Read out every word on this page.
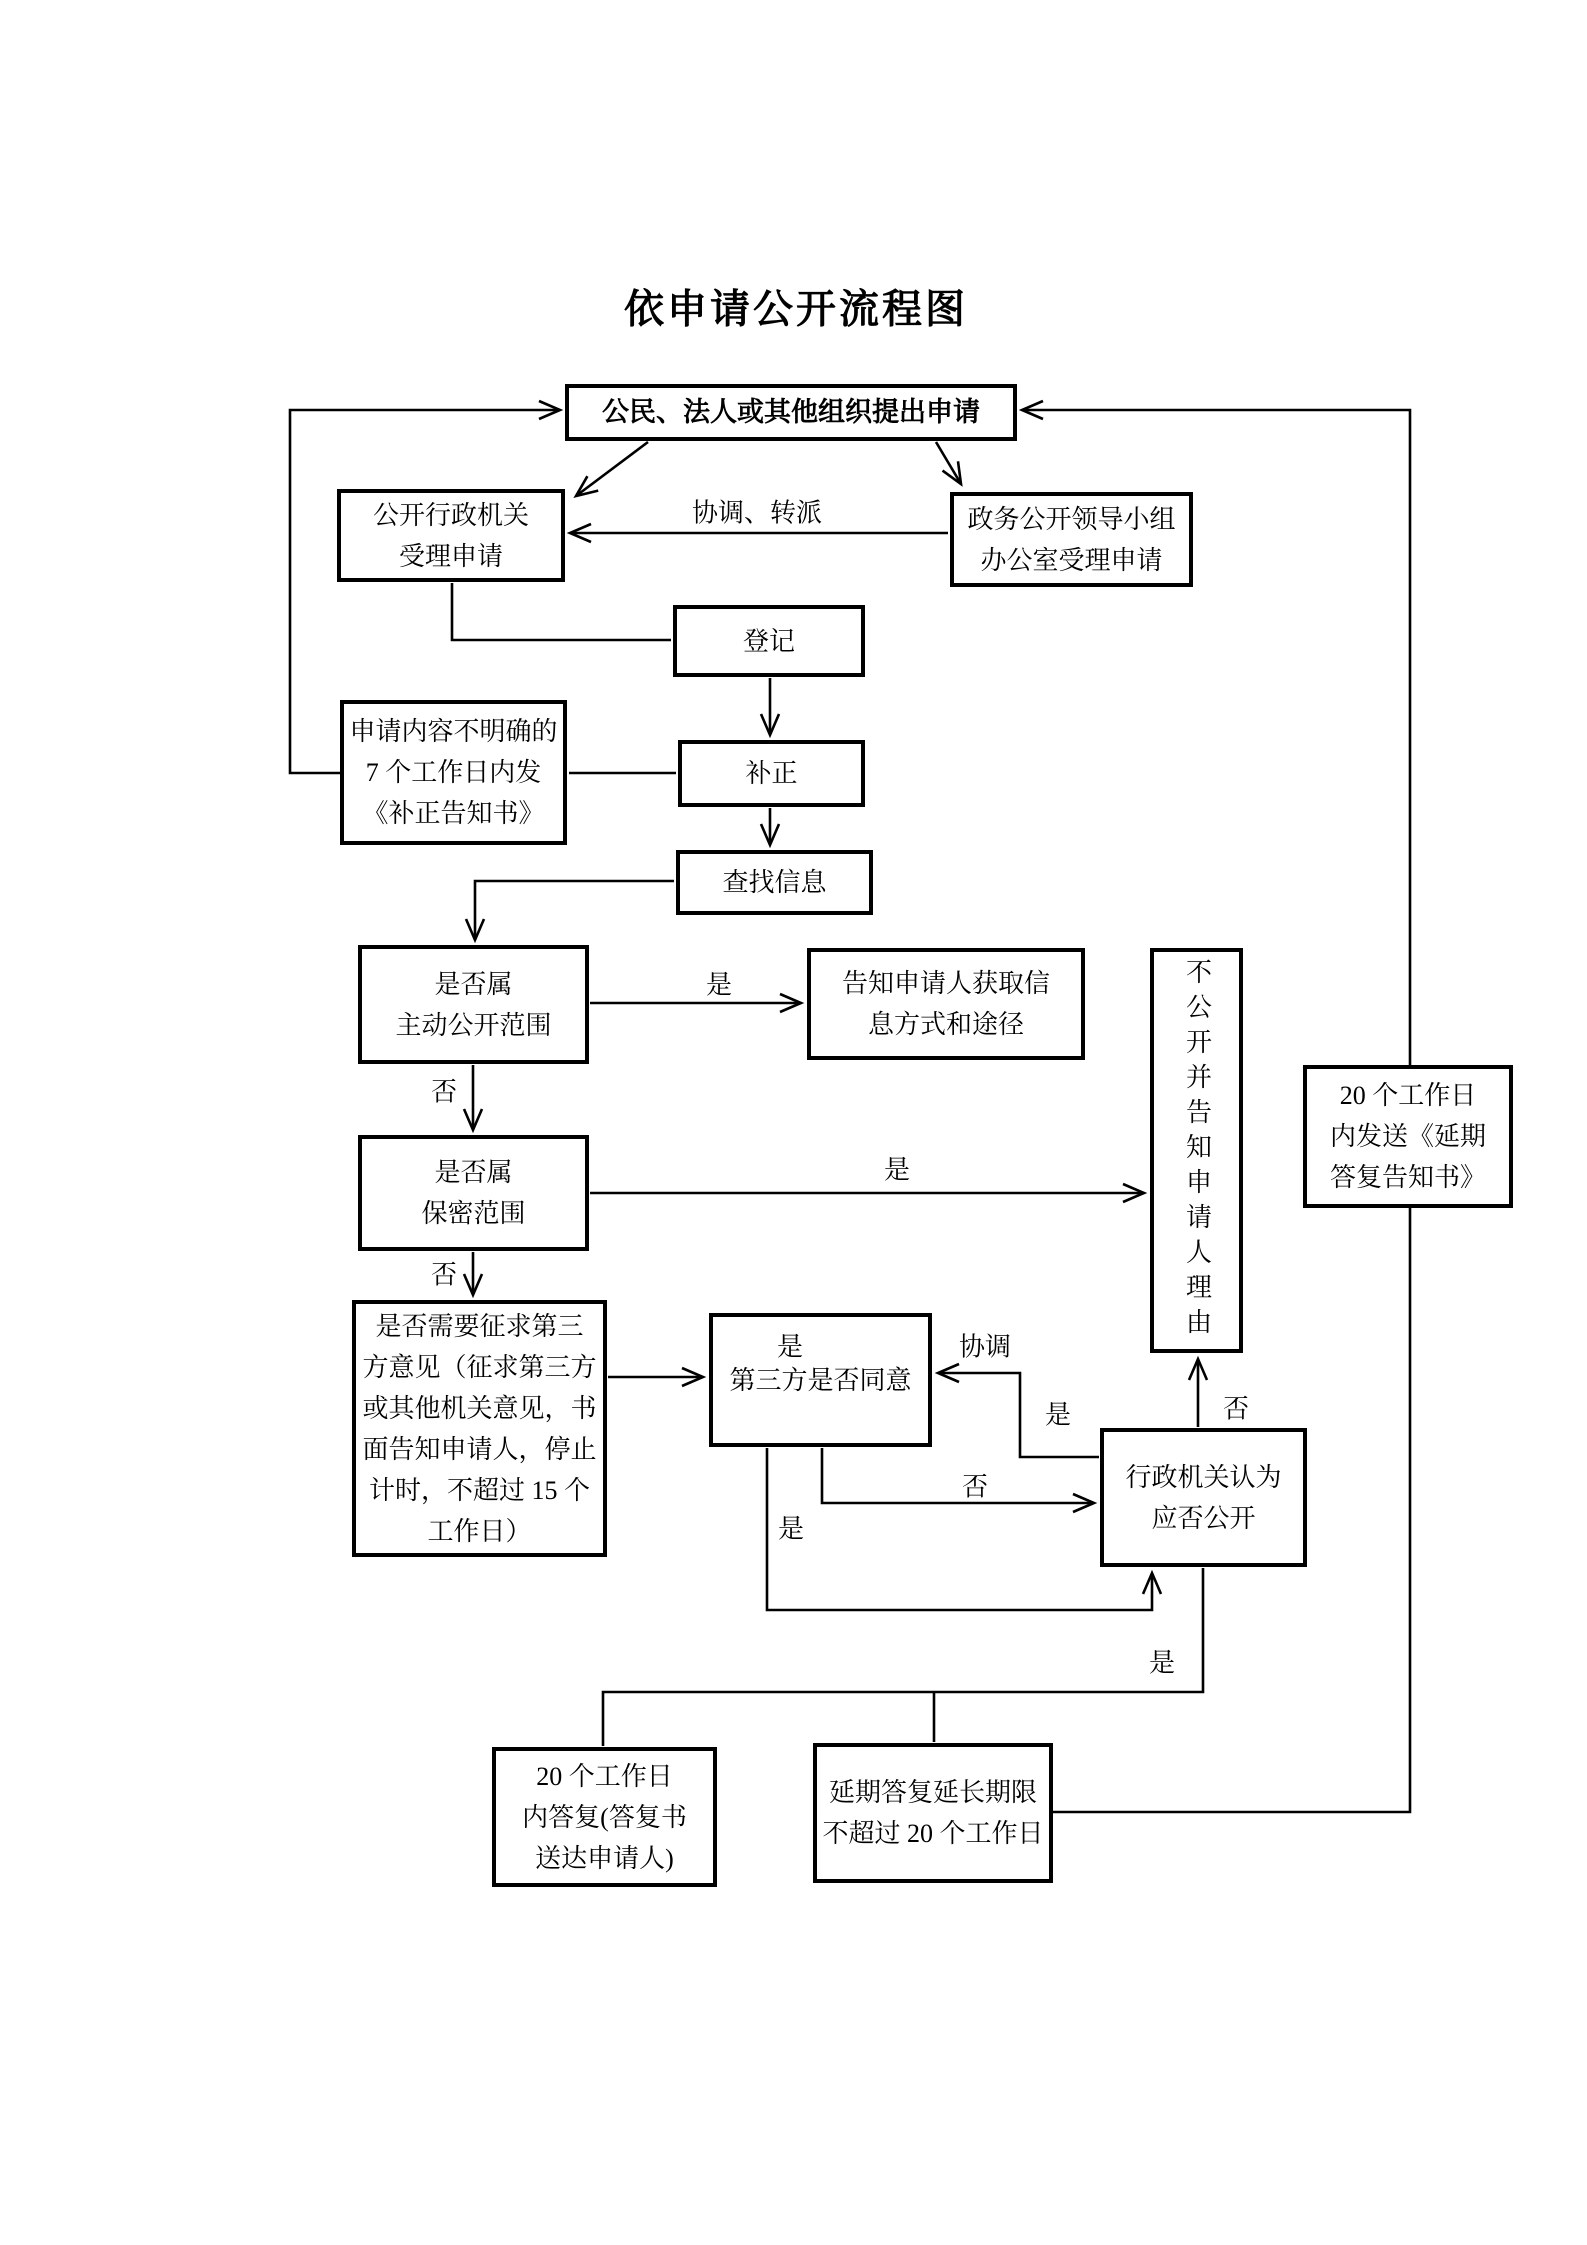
依申请公开流程图
公民、法人或其他组织提出申请
公开行政机关
受理申请
政务公开领导小组
办公室受理申请
登记
申请内容不明确的
7 个工作日内发
《补正告知书》
补正
查找信息
是否属
主动公开范围
告知申请人获取信
息方式和途径	不公开并告知申请人理由	20 个工作日
内发送《延期
答复告知书》
是否属
保密范围
是否需要征求第三
方意见（征求第三方
或其他机关意见，书
面告知申请人，停止
计时，不超过 15 个
工作日）
第三方是否同意
行政机关认为
应否公开
20 个工作日
内答复(答复书
送达申请人)
延期答复延长期限
不超过 20 个工作日
协调、转派
是
否
是
否
是	协调
是
否
是
否
是
